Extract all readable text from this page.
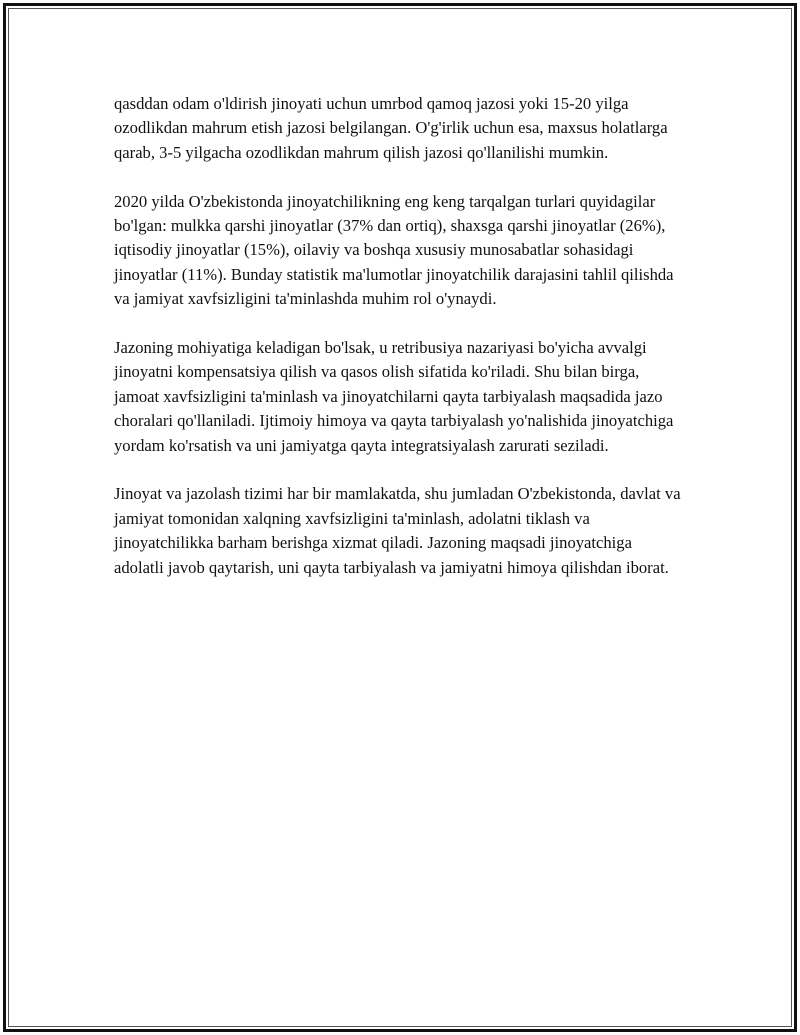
qasddan odam o'ldirish jinoyati uchun umrbod qamoq jazosi yoki 15-20 yilga ozodlikdan mahrum etish jazosi belgilangan. O'g'irlik uchun esa, maxsus holatlarga qarab, 3-5 yilgacha ozodlikdan mahrum qilish jazosi qo'llanilishi mumkin.

2020 yilda O'zbekistonda jinoyatchilikning eng keng tarqalgan turlari quyidagilar bo'lgan: mulkka qarshi jinoyatlar (37% dan ortiq), shaxsga qarshi jinoyatlar (26%), iqtisodiy jinoyatlar (15%), oilaviy va boshqa xususiy munosabatlar sohasidagi jinoyatlar (11%). Bunday statistik ma'lumotlar jinoyatchilik darajasini tahlil qilishda va jamiyat xavfsizligini ta'minlashda muhim rol o'ynaydi.

Jazoning mohiyatiga keladigan bo'lsak, u retribusiya nazariyasi bo'yicha avvalgi jinoyatni kompensatsiya qilish va qasos olish sifatida ko'riladi. Shu bilan birga, jamoat xavfsizligini ta'minlash va jinoyatchilarni qayta tarbiyalash maqsadida jazo choralari qo'llaniladi. Ijtimoiy himoya va qayta tarbiyalash yo'nalishida jinoyatchiga yordam ko'rsatish va uni jamiyatga qayta integratsiyalash zarurati seziladi.

Jinoyat va jazolash tizimi har bir mamlakatda, shu jumladan O'zbekistonda, davlat va jamiyat tomonidan xalqning xavfsizligini ta'minlash, adolatni tiklash va jinoyatchilikka barham berishga xizmat qiladi. Jazoning maqsadi jinoyatchiga adolatli javob qaytarish, uni qayta tarbiyalash va jamiyatni himoya qilishdan iborat.
